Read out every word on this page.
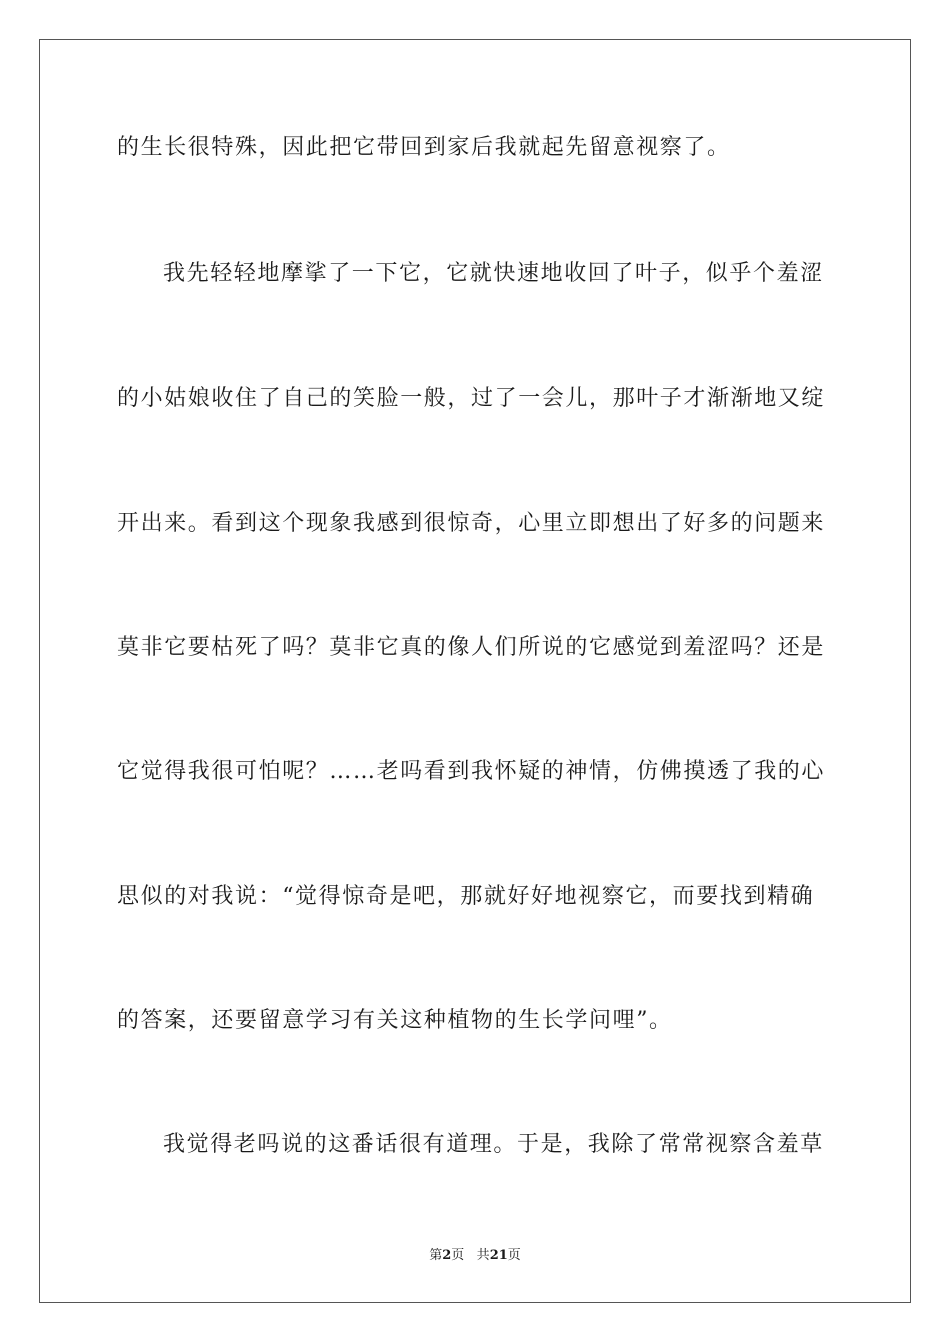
的生长很特殊，因此把它带回到家后我就起先留意视察了。
我先轻轻地摩挲了一下它，它就快速地收回了叶子，似乎个羞涩
的小姑娘收住了自己的笑脸一般，过了一会儿，那叶子才渐渐地又绽
开出来。看到这个现象我感到很惊奇，心里立即想出了好多的问题来
莫非它要枯死了吗？莫非它真的像人们所说的它感觉到羞涩吗？还是
它觉得我很可怕呢？……老吗看到我怀疑的神情，仿佛摸透了我的心
思似的对我说：“觉得惊奇是吧，那就好好地视察它，而要找到精确
的答案，还要留意学习有关这种植物的生长学问哩”。
我觉得老吗说的这番话很有道理。于是，我除了常常视察含羞草
第2页 共21页
